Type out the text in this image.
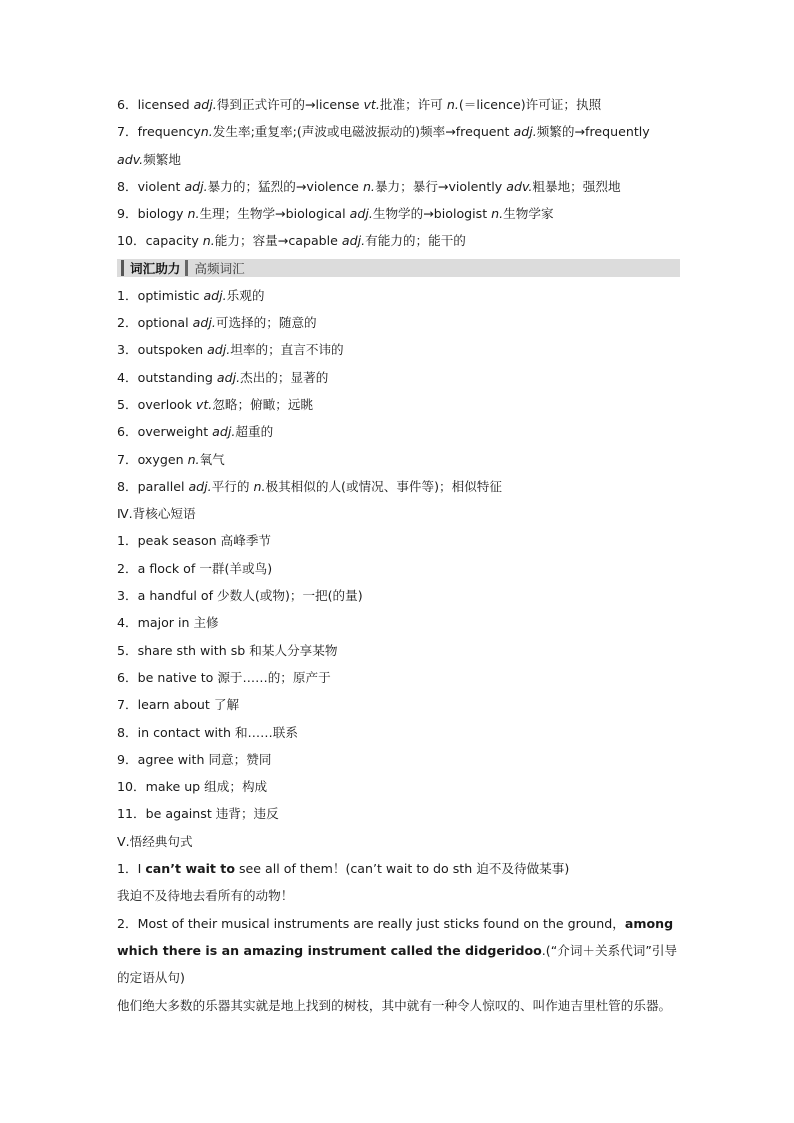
6．licensed adj.得到正式许可的→license vt.批准；许可 n.(＝licence)许可证；执照
7．frequencyn.发生率;重复率;(声波或电磁波振动的)频率→frequent adj.频繁的→frequently
adv.频繁地
8．violent adj.暴力的；猛烈的→violence n.暴力；暴行→violently adv.粗暴地；强烈地
9．biology n.生理；生物学→biological adj.生物学的→biologist n.生物学家
10．capacity n.能力；容量→capable adj.有能力的；能干的
词汇助力 高频词汇
1．optimistic adj.乐观的
2．optional adj.可选择的；随意的
3．outspoken adj.坦率的；直言不讳的
4．outstanding adj.杰出的；显著的
5．overlook vt.忽略；俯瞰；远眺
6．overweight adj.超重的
7．oxygen n.氧气
8．parallel adj.平行的 n.极其相似的人(或情况、事件等)；相似特征
Ⅳ.背核心短语
1．peak season 高峰季节
2．a flock of 一群(羊或鸟)
3．a handful of 少数人(或物)；一把(的量)
4．major in 主修
5．share sth with sb 和某人分享某物
6．be native to 源于……的；原产于
7．learn about 了解
8．in contact with 和……联系
9．agree with 同意；赞同
10．make up 组成；构成
11．be against 违背；违反
Ⅴ.悟经典句式
1．I can’t wait to see all of them！(can’t wait to do sth 迫不及待做某事)
我迫不及待地去看所有的动物！
2．Most of their musical instruments are really just sticks found on the ground，among which there is an amazing instrument called the didgeridoo.(“介词＋关系代词”引导的定语从句)
他们绝大多数的乐器其实就是地上找到的树枝，其中就有一种令人惊叹的、叫作迪吉里杜管的乐器。
